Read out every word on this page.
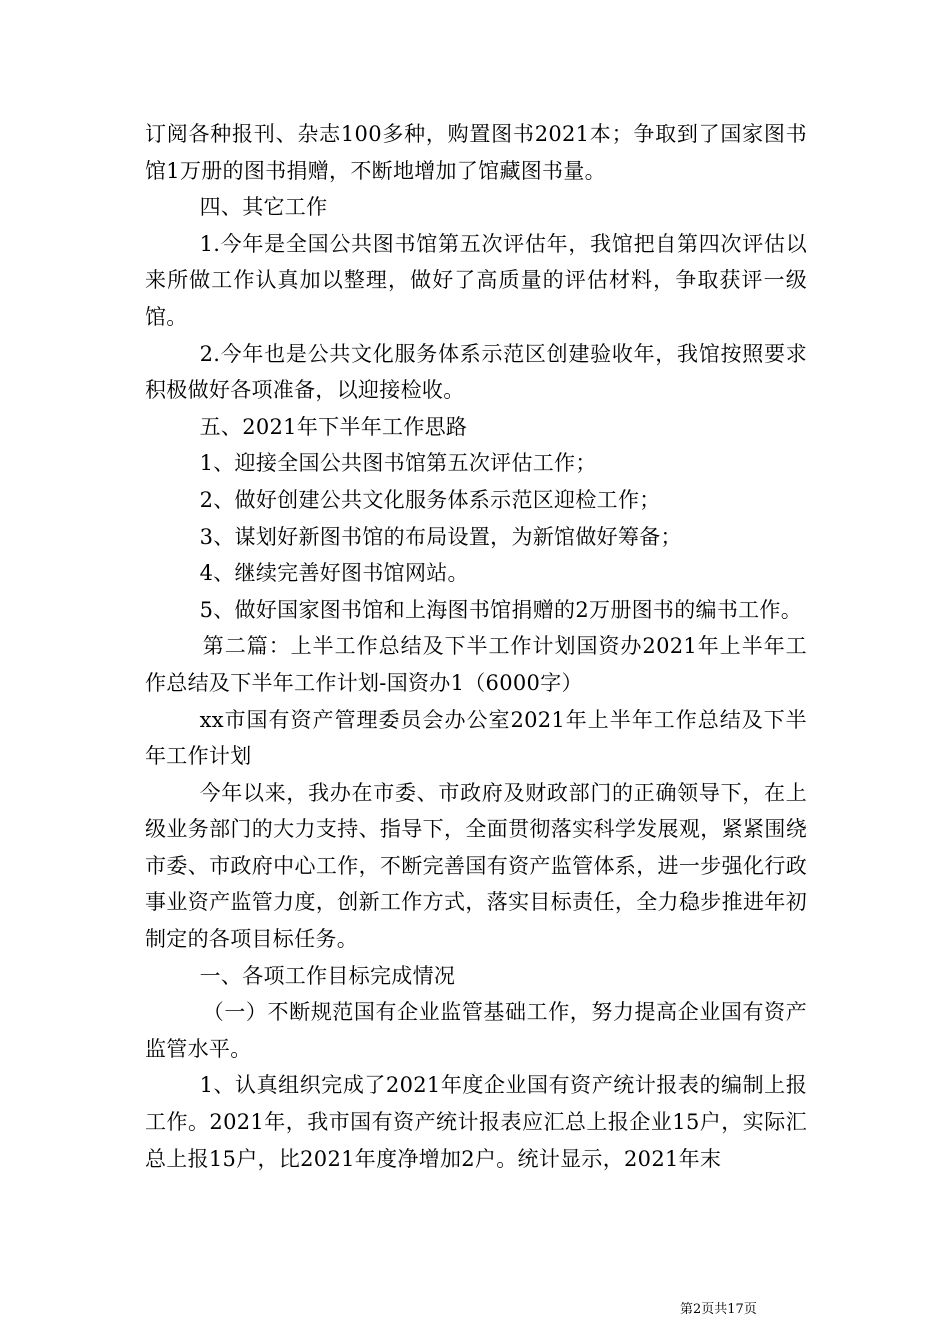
订阅各种报刊、杂志100多种，购置图书2021本；争取到了国家图书馆1万册的图书捐赠，不断地增加了馆藏图书量。

四、其它工作

1.今年是全国公共图书馆第五次评估年，我馆把自第四次评估以来所做工作认真加以整理，做好了高质量的评估材料，争取获评一级馆。

2.今年也是公共文化服务体系示范区创建验收年，我馆按照要求积极做好各项准备，以迎接检收。

五、2021年下半年工作思路

1、迎接全国公共图书馆第五次评估工作；

2、做好创建公共文化服务体系示范区迎检工作；

3、谋划好新图书馆的布局设置，为新馆做好筹备；

4、继续完善好图书馆网站。

5、做好国家图书馆和上海图书馆捐赠的2万册图书的编书工作。

第二篇：上半工作总结及下半工作计划国资办2021年上半年工作总结及下半年工作计划-国资办1（6000字）

xx市国有资产管理委员会办公室2021年上半年工作总结及下半年工作计划

今年以来，我办在市委、市政府及财政部门的正确领导下，在上级业务部门的大力支持、指导下，全面贯彻落实科学发展观，紧紧围绕市委、市政府中心工作，不断完善国有资产监管体系，进一步强化行政事业资产监管力度，创新工作方式，落实目标责任，全力稳步推进年初制定的各项目标任务。

一、各项工作目标完成情况

（一）不断规范国有企业监管基础工作，努力提高企业国有资产监管水平。

1、认真组织完成了2021年度企业国有资产统计报表的编制上报工作。2021年，我市国有资产统计报表应汇总上报企业15户，实际汇总上报15户，比2021年度净增加2户。统计显示，2021年末

第2页共17页
